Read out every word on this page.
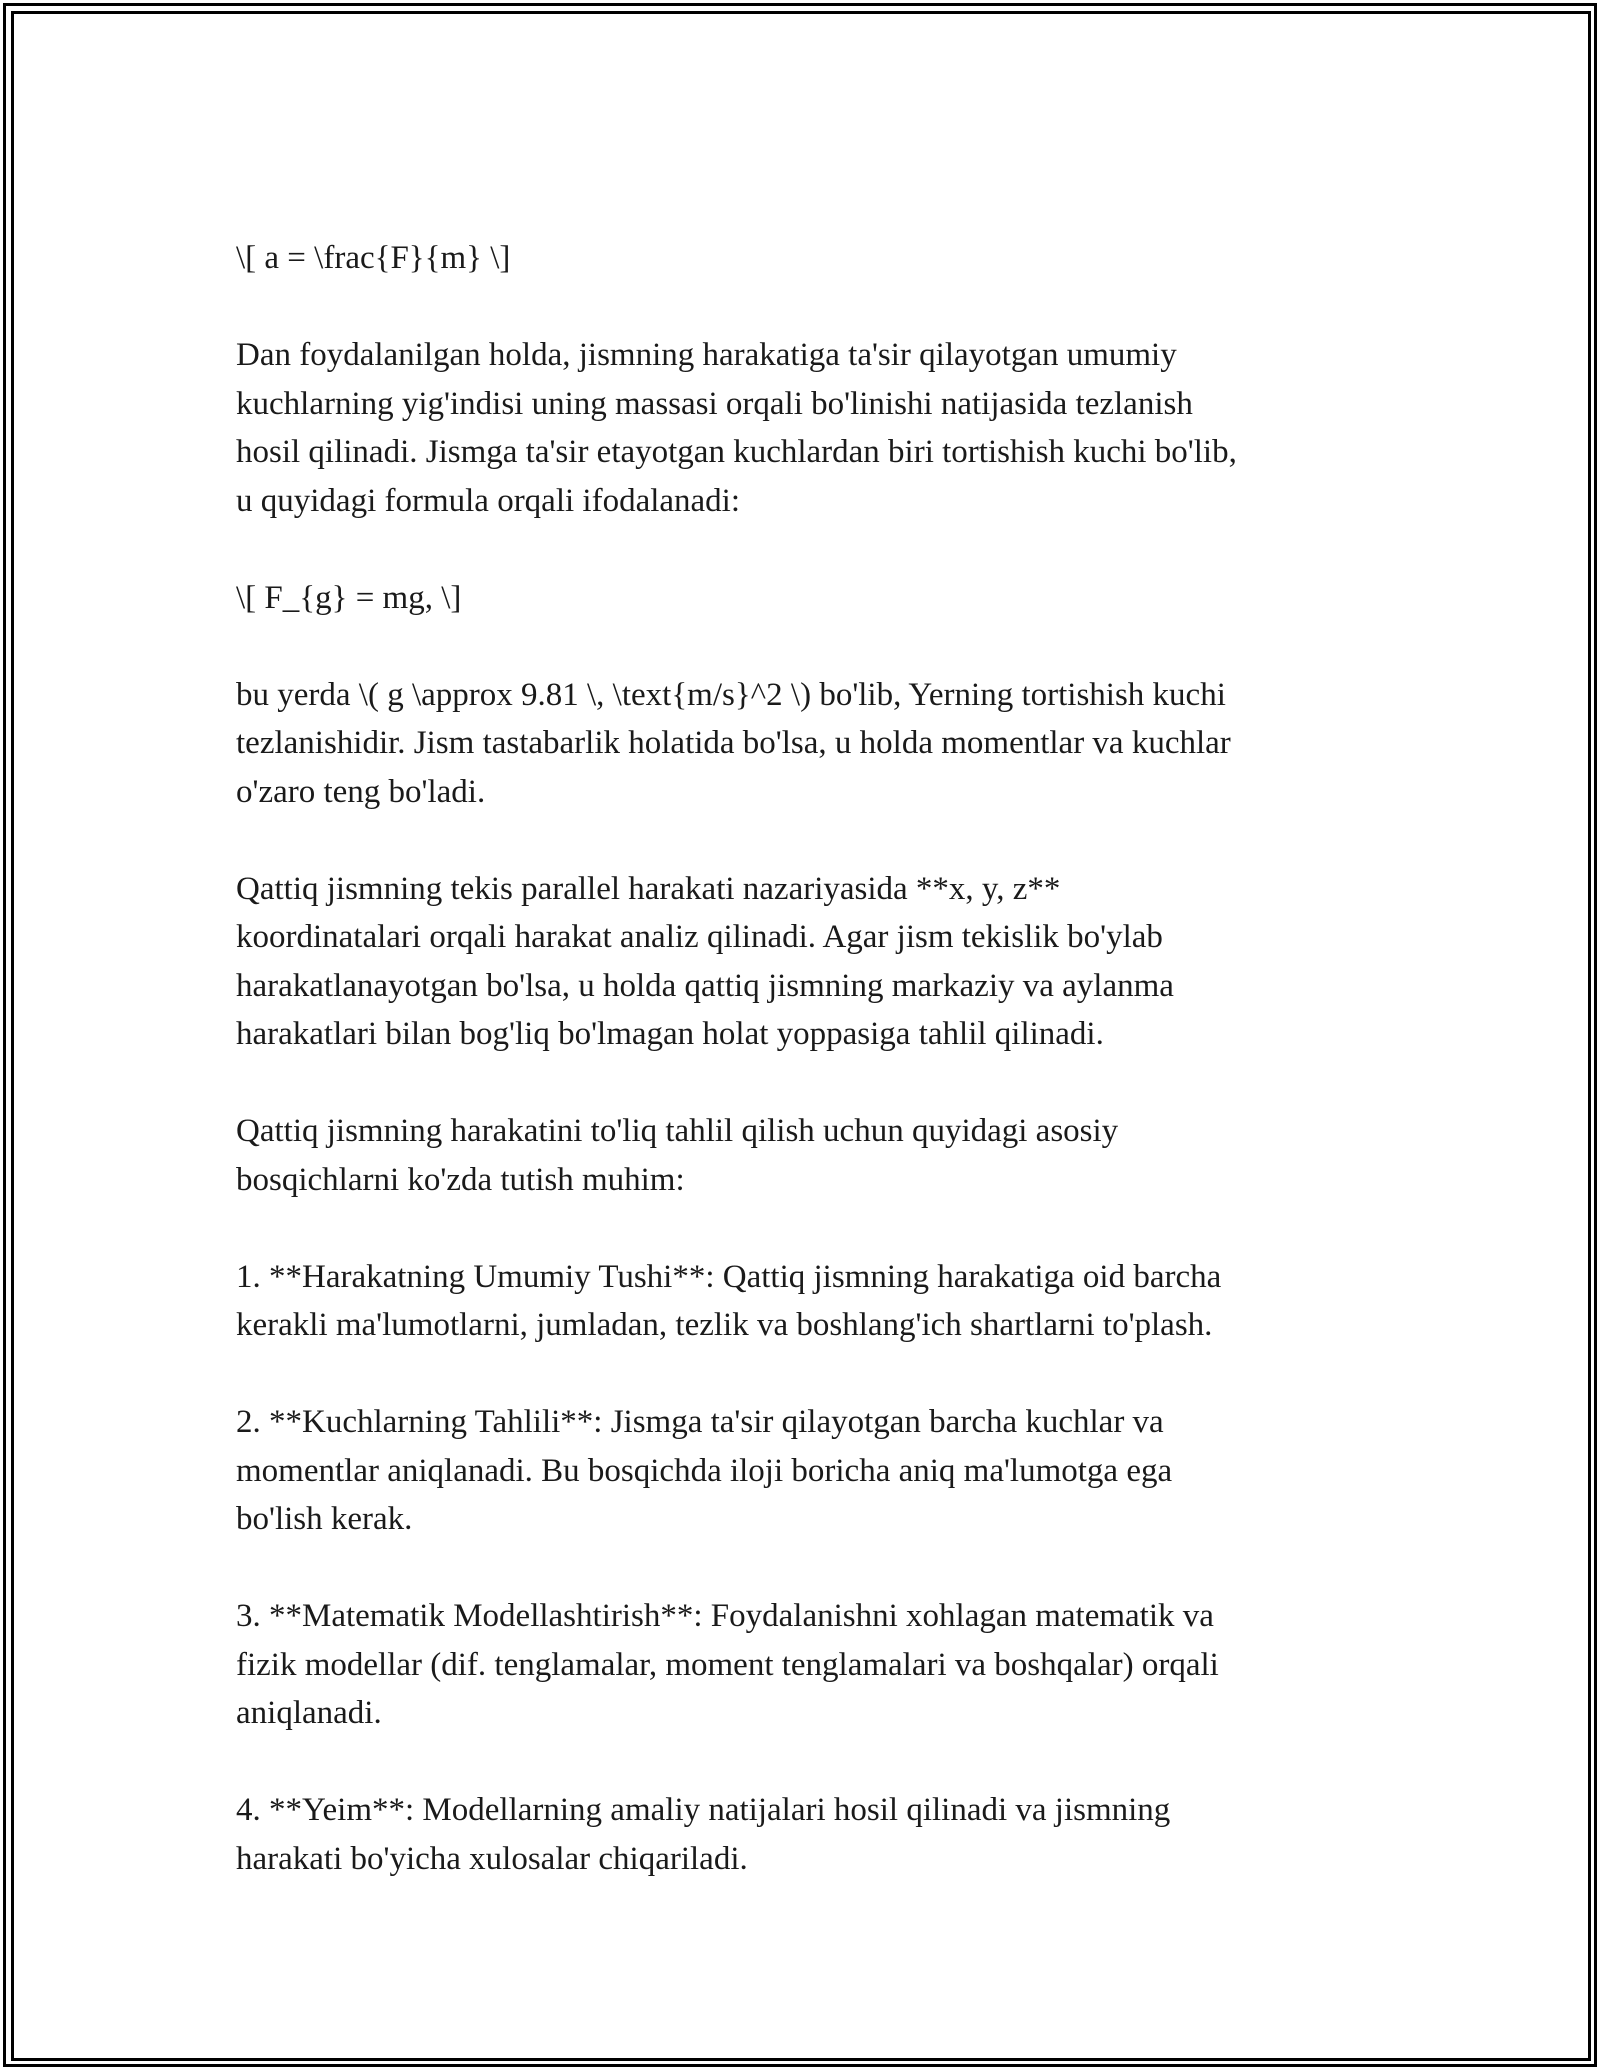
\[ a = \frac{F}{m} \]
Dan foydalanilgan holda, jismning harakatiga ta'sir qilayotgan umumiy
kuchlarning yig'indisi uning massasi orqali bo'linishi natijasida tezlanish
hosil qilinadi. Jismga ta'sir etayotgan kuchlardan biri tortishish kuchi bo'lib,
u quyidagi formula orqali ifodalanadi:
\[ F_{g} = mg, \]
bu yerda \( g \approx 9.81 \, \text{m/s}^2 \) bo'lib, Yerning tortishish kuchi
tezlanishidir. Jism tastabarlik holatida bo'lsa, u holda momentlar va kuchlar
o'zaro teng bo'ladi.
Qattiq jismning tekis parallel harakati nazariyasida **x, y, z**
koordinatalari orqali harakat analiz qilinadi. Agar jism tekislik bo'ylab
harakatlanayotgan bo'lsa, u holda qattiq jismning markaziy va aylanma
harakatlari bilan bog'liq bo'lmagan holat yoppasiga tahlil qilinadi.
Qattiq jismning harakatini to'liq tahlil qilish uchun quyidagi asosiy
bosqichlarni ko'zda tutish muhim:
1. **Harakatning Umumiy Tushi**: Qattiq jismning harakatiga oid barcha
kerakli ma'lumotlarni, jumladan, tezlik va boshlang'ich shartlarni to'plash.
2. **Kuchlarning Tahlili**: Jismga ta'sir qilayotgan barcha kuchlar va
momentlar aniqlanadi. Bu bosqichda iloji boricha aniq ma'lumotga ega
bo'lish kerak.
3. **Matematik Modellashtirish**: Foydalanishni xohlagan matematik va
fizik modellar (dif. tenglamalar, moment tenglamalari va boshqalar) orqali
aniqlanadi.
4. **Yeim**: Modellarning amaliy natijalari hosil qilinadi va jismning
harakati bo'yicha xulosalar chiqariladi.
